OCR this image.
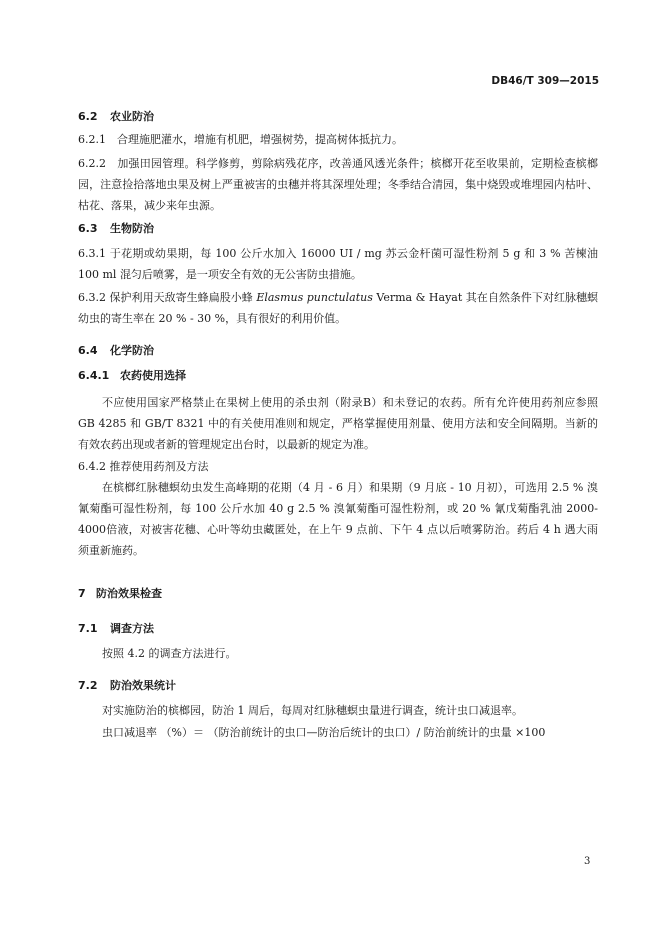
DB46/T 309—2015
6.2 农业防治
6.2.1　合理施肥灌水，增施有机肥，增强树势，提高树体抵抗力。
6.2.2　加强田园管理。科学修剪，剪除病残花序，改善通风透光条件；槟榔开花至收果前，定期检查槟榔园，注意捡拾落地虫果及树上严重被害的虫穗并将其深埋处理；冬季结合清园，集中烧毁或堆埋园内枯叶、枯花、落果，减少来年虫源。
6.3 生物防治
6.3.1 于花期或幼果期，每 100 公斤水加入 16000 UI / mg 苏云金杆菌可湿性粉剂 5 g 和 3 % 苦楝油 100 ml 混匀后喷雾，是一项安全有效的无公害防虫措施。
6.3.2 保护利用天敌寄生蜂扁股小蜂 Elasmus punctulatus Verma & Hayat 其在自然条件下对红脉穗螟幼虫的寄生率在 20 % - 30 %，具有很好的利用价值。
6.4 化学防治
6.4.1 农药使用选择
不应使用国家严格禁止在果树上使用的杀虫剂（附录B）和未登记的农药。所有允许使用药剂应参照 GB 4285 和 GB/T 8321 中的有关使用准则和规定，严格掌握使用剂量、使用方法和安全间隔期。当新的有效农药出现或者新的管理规定出台时，以最新的规定为准。
6.4.2 推荐使用药剂及方法
在槟榔红脉穗螟幼虫发生高峰期的花期（4 月 - 6 月）和果期（9 月底 - 10 月初），可选用 2.5 % 溴氰菊酯可湿性粉剂，每 100 公斤水加 40 g 2.5 % 溴氰菊酯可湿性粉剂，或 20 % 氰戊菊酯乳油 2000-4000倍液，对被害花穗、心叶等幼虫藏匿处，在上午 9 点前、下午 4 点以后喷雾防治。药后 4 h 遇大雨须重新施药。
7 防治效果检查
7.1 调查方法
按照 4.2 的调查方法进行。
7.2 防治效果统计
对实施防治的槟榔园，防治 1 周后，每周对红脉穗螟虫量进行调查，统计虫口减退率。
虫口减退率 （%）＝ （防治前统计的虫口—防治后统计的虫口）/ 防治前统计的虫量 ×100
3
